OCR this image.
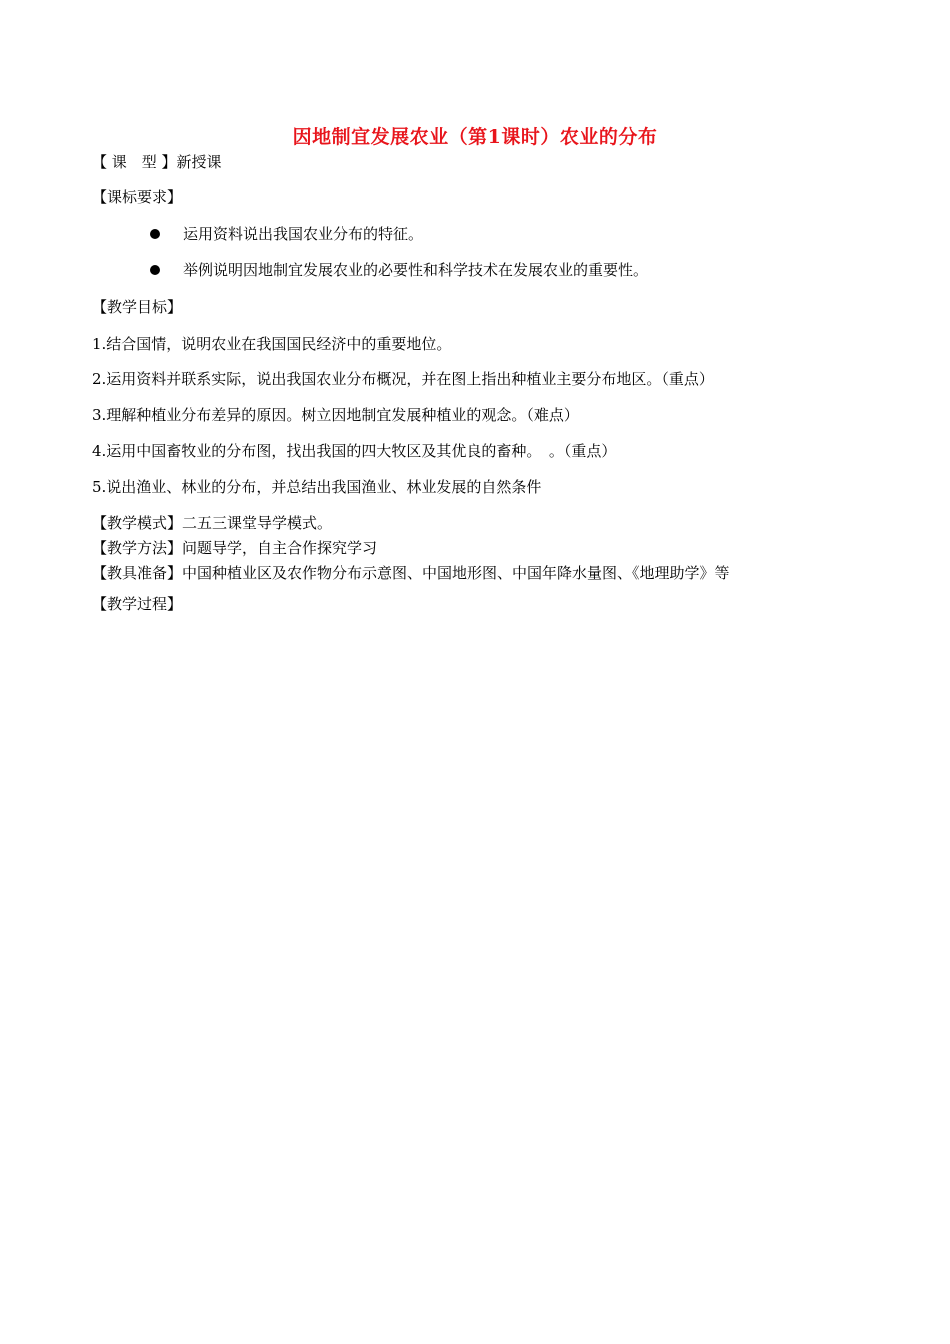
因地制宜发展农业（第1课时）农业的分布
【 课　型 】新授课
【课标要求】
运用资料说出我国农业分布的特征。
举例说明因地制宜发展农业的必要性和科学技术在发展农业的重要性。
【教学目标】
1.结合国情，说明农业在我国国民经济中的重要地位。
2.运用资料并联系实际，说出我国农业分布概况，并在图上指出种植业主要分布地区。（重点）
3.理解种植业分布差异的原因。树立因地制宜发展种植业的观念。（难点）
4.运用中国畜牧业的分布图，找出我国的四大牧区及其优良的畜种。　。（重点）
5.说出渔业、林业的分布，并总结出我国渔业、林业发展的自然条件
【教学模式】二五三课堂导学模式。
【教学方法】问题导学，自主合作探究学习
【教具准备】中国种植业区及农作物分布示意图、中国地形图、中国年降水量图、《地理助学》等
【教学过程】
